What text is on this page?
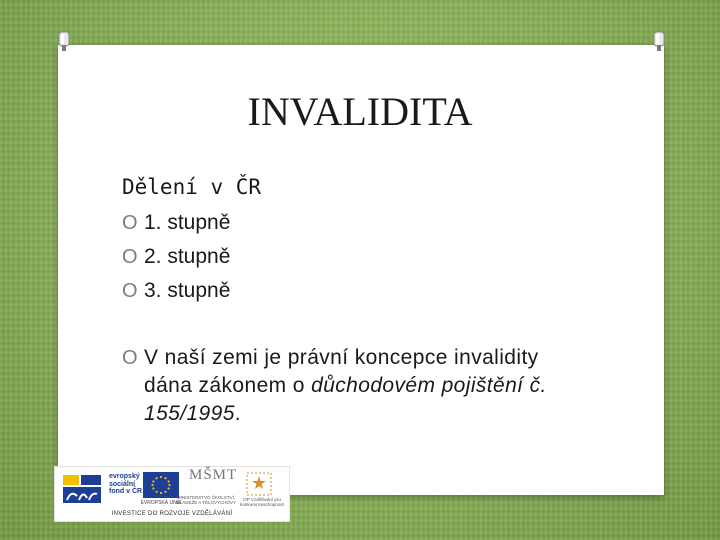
INVALIDITA
Dělení v ČR
O 1. stupně
O 2. stupně
O 3. stupně
O V naší zemi je právní koncepce invalidity
dána zákonem o důchodovém pojištění č.
155/1995.
evropský
sociální
fond v ČR
EVROPSKÁ UNIE
MŠMT
MINISTERSTVO ŠKOLSTVÍ, MLÁDEŽE A TĚLOVÝCHOVY
OP Vzdělávání pro konkurenceschopnost
INVESTICE DO ROZVOJE VZDĚLÁVÁNÍ
